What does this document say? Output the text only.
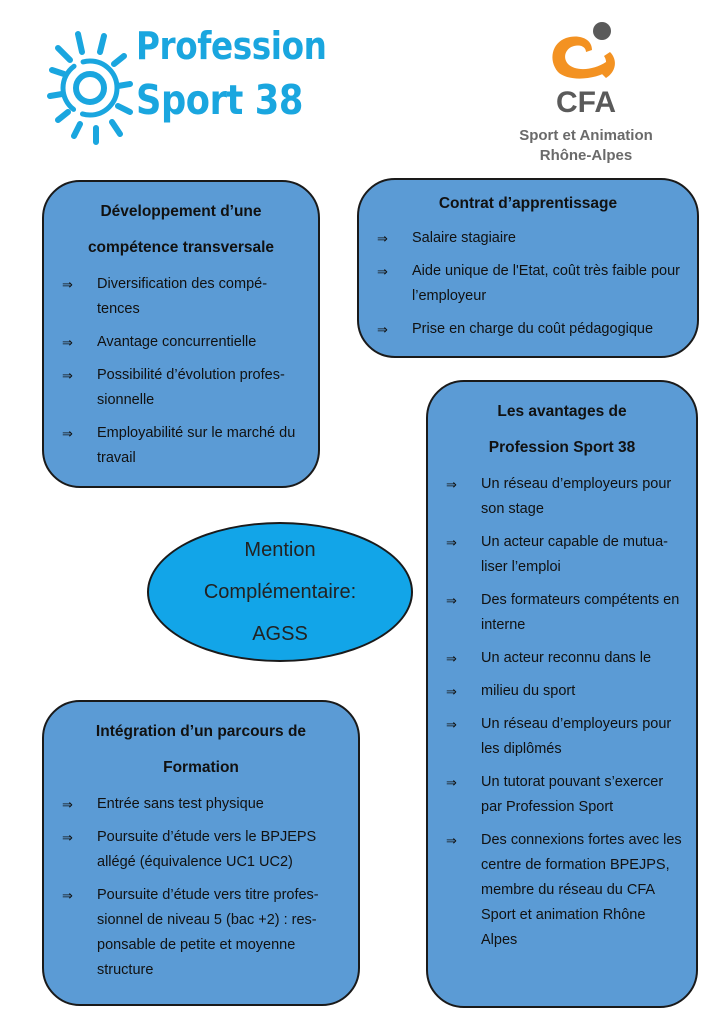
Profession
Sport 38	CFA
Sport et Animation
Rhône-Alpes
Développement d’une
compétence transversale
⇒ Diversification des compé-tences
⇒ Avantage concurrentielle
⇒ Possibilité d’évolution profes-sionnelle
⇒ Employabilité sur le marché du travail
Contrat d’apprentissage
⇒ Salaire stagiaire
⇒ Aide unique de l'Etat, coût très faible pour l’employeur
⇒ Prise en charge du coût pédagogique
Les avantages de
Profession Sport 38
⇒ Un réseau d’employeurs pour son stage
⇒ Un acteur capable de mutua-liser l’emploi
⇒ Des formateurs compétents en interne
⇒ Un acteur reconnu dans le
⇒ milieu du sport
⇒ Un réseau d’employeurs pour les diplômés
⇒ Un tutorat pouvant s’exercer par Profession Sport
⇒ Des connexions fortes avec les centre de formation BPEJPS, membre du réseau du CFA Sport et animation Rhône Alpes
Mention
Complémentaire:
AGSS
Intégration d’un parcours de
Formation
⇒ Entrée sans test physique
⇒ Poursuite d’étude vers le BPJEPS allégé (équivalence UC1 UC2)
⇒ Poursuite d’étude vers titre profes-sionnel de niveau 5 (bac +2) : res-ponsable de petite et moyenne structure
